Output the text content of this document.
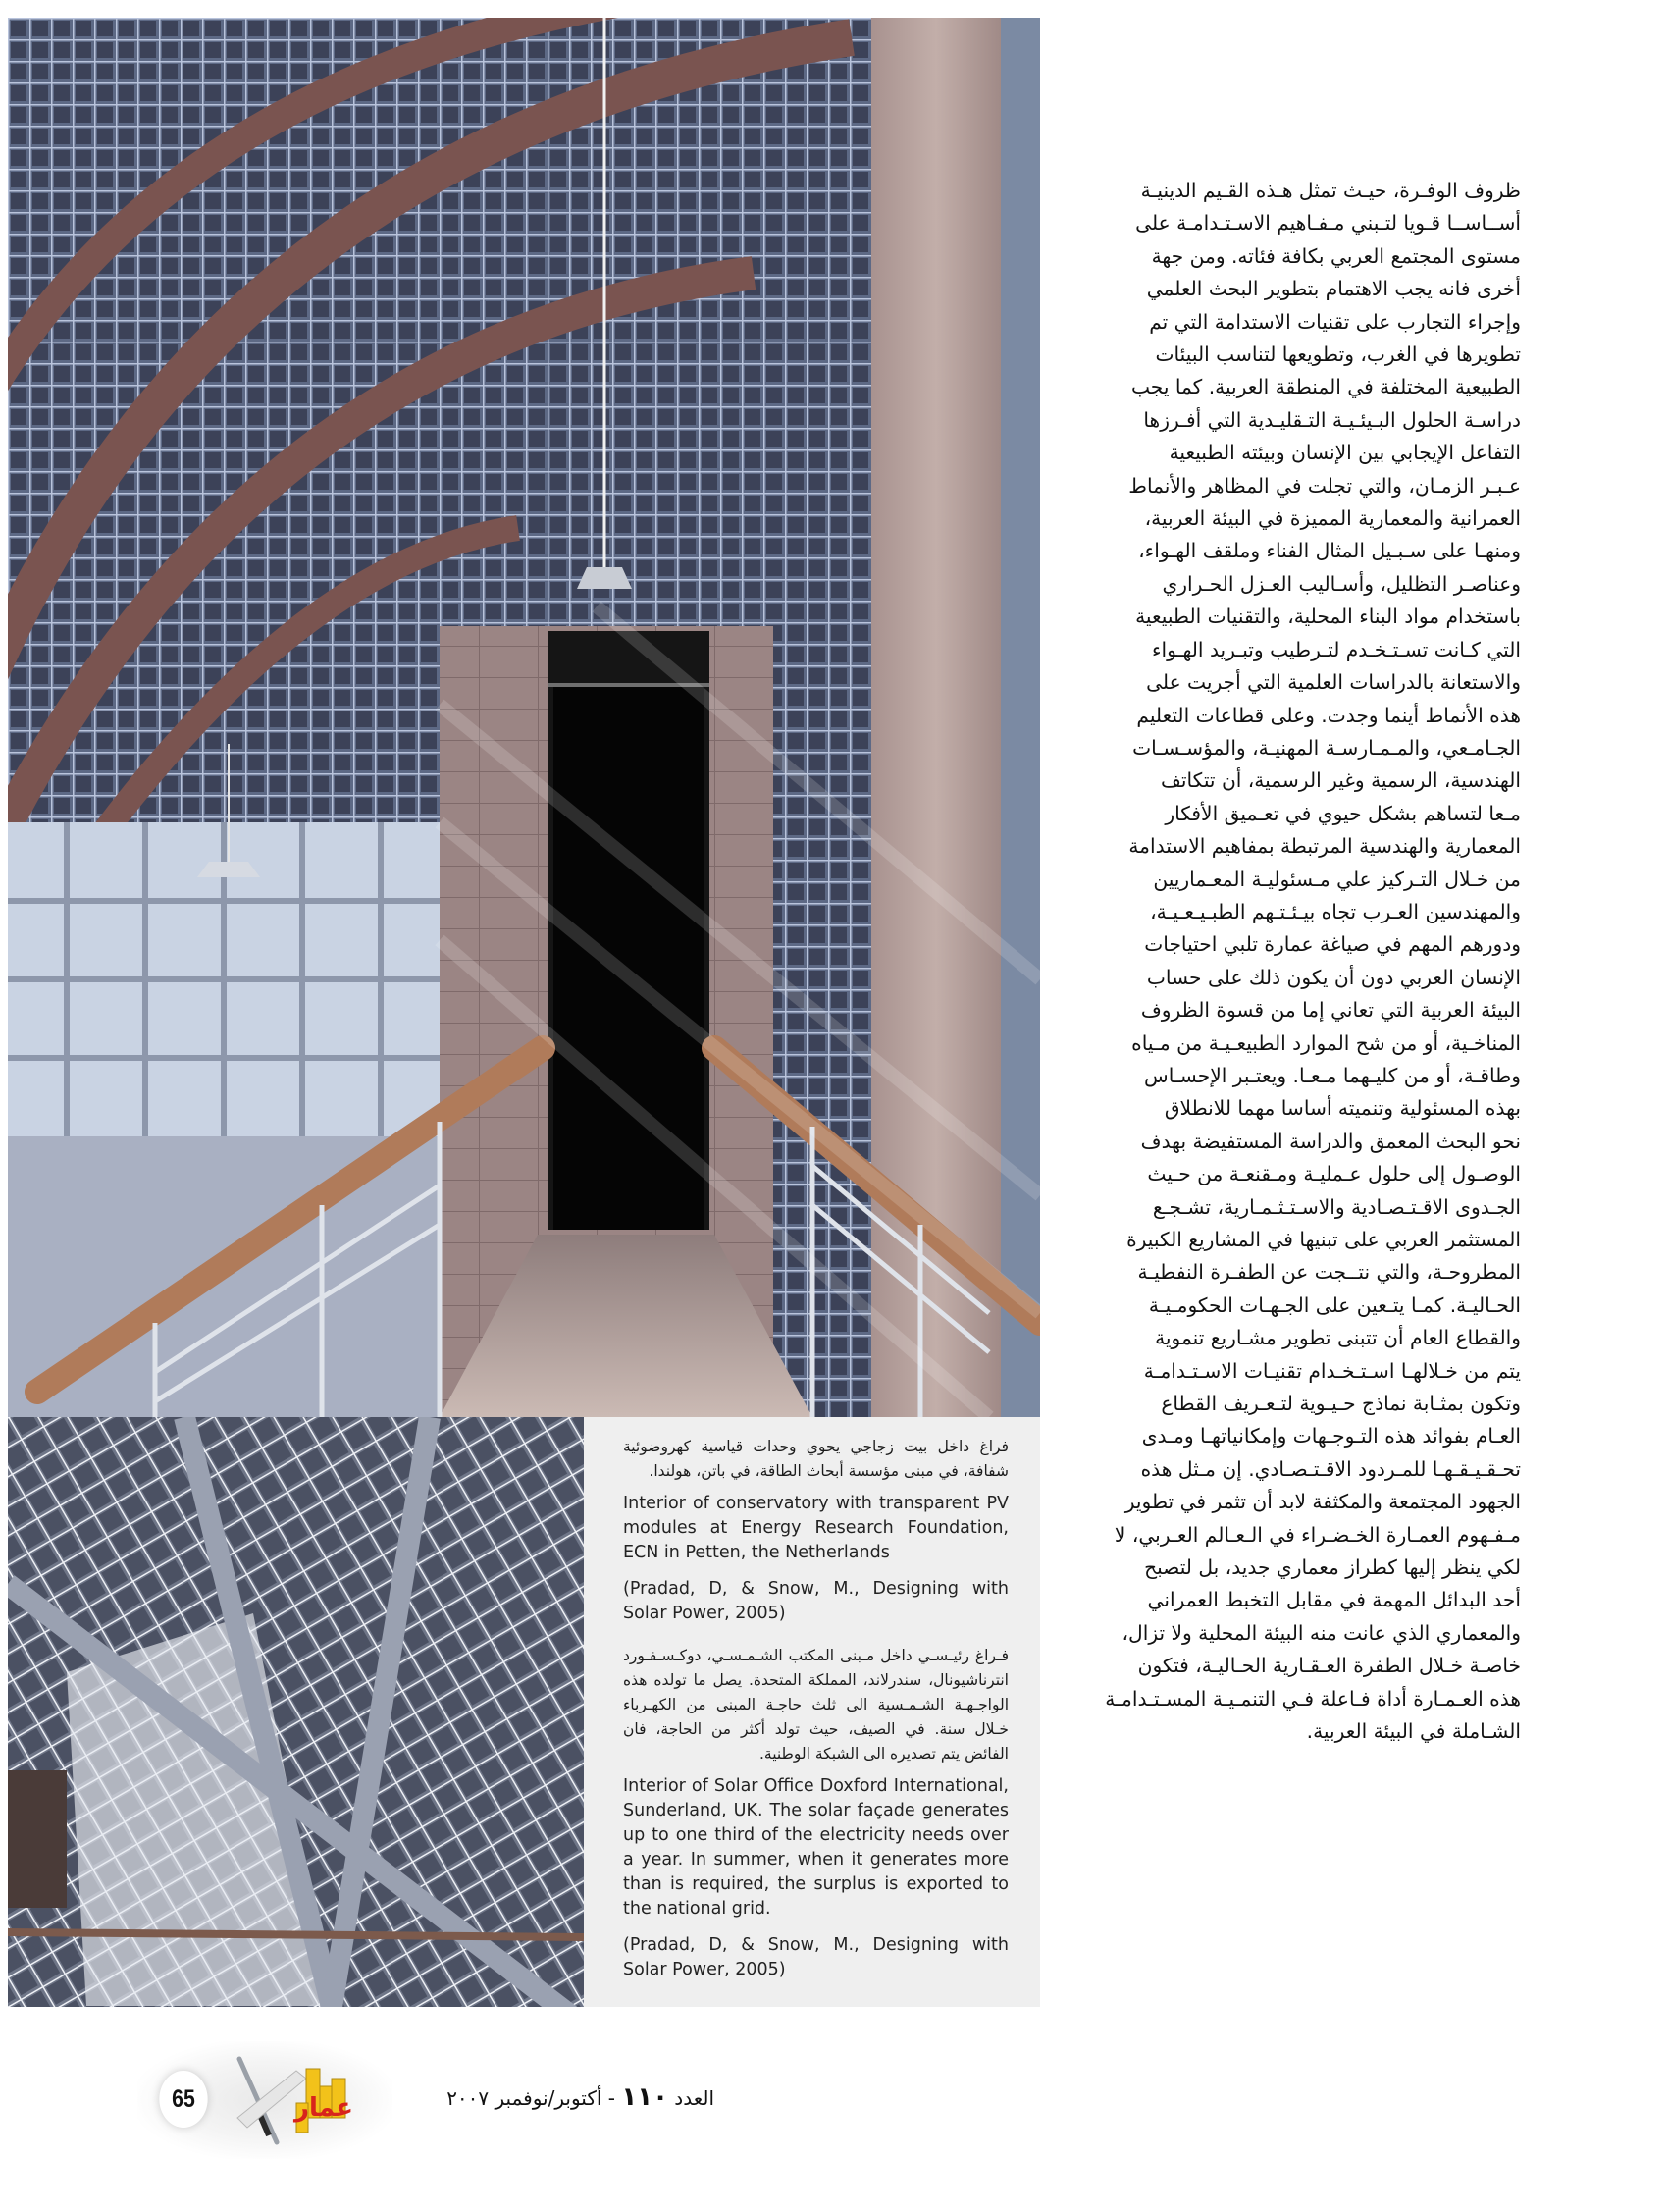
فراغ داخل بيت زجاجي يحوي وحدات قياسية كهروضوئية شفافة، في مبنى مؤسسة أبحاث الطاقة، في باتن، هولندا.

Interior of conservatory with transparent PV modules at Energy Research Foundation, ECN in Petten, the Netherlands

(Pradad, D, & Snow, M., Designing with Solar Power, 2005)

فـراغ رئيـسـي داخل مـبنى المكتب الشـمـسـي، دوكـسـفـورد انترناشيونال، سندرلاند، المملكة المتحدة. يصل ما تولده هذه الواجـهـة الشـمـسية الى ثلث حاجـة المبنى من الكهـرباء خـلال سنة. في الصيف، حيث تولد أكثر من الحاجة، فان الفائض يتم تصديره الى الشبكة الوطنية.

Interior of Solar Office Doxford International, Sunderland, UK. The solar façade generates up to one third of the electricity needs over a year. In summer, when it generates more than is required, the surplus is exported to the national grid.

(Pradad, D, & Snow, M., Designing with Solar Power, 2005)

ظروف الوفـرة، حيـث تمثل هـذه القـيم الدينيـة

أســاســا قـويا لتـبني مـفـاهيم الاسـتـدامـة على

مستوى المجتمع العربي بكافة فئاته. ومن جهة

أخرى فانه يجب الاهتمام بتطوير البحث العلمي

وإجراء التجارب على تقنيات الاستدامة التي تم

تطويرها في الغرب، وتطويعها لتناسب البيئات

الطبيعية المختلفة في المنطقة العربية. كما يجب

دراسـة الحلول البـيئـيـة التـقليـدية التي أفـرزها

التفاعل الإيجابي بين الإنسان وبيئته الطبيعية

عـبـر الزمـان، والتي تجلت في المظاهر والأنماط

العمرانية والمعمارية المميزة في البيئة العربية،

ومنهـا على سـبـيل المثال الفناء وملقف الهـواء،

وعناصـر التظليل، وأسـاليب العـزل الحـراري

باستخدام مواد البناء المحلية، والتقنيات الطبيعية

التي كـانت تسـتـخـدم لتـرطيب وتبـريد الهـواء

والاستعانة بالدراسات العلمية التي أجريت على

هذه الأنماط أينما وجدت. وعلى قطاعات التعليم

الجـامـعي، والمـمـارسـة المهنيـة، والمؤسـسـات

الهندسية، الرسمية وغير الرسمية، أن تتكاتف

مـعا لتساهم بشكل حيوي في تعـميق الأفكار

المعمارية والهندسية المرتبطة بمفاهيم الاستدامة

من خـلال التـركيز علي مـسئوليـة المعـماريين

والمهندسين العـرب تجاه بيـئـتـهم الطبـيـعـيـة،

ودورهم المهم في صياغة عمارة تلبي احتياجات

الإنسان العربي دون أن يكون ذلك على حساب

البيئة العربية التي تعاني إما من قسوة الظروف

المناخـية، أو من شح الموارد الطبيعـيـة من مـياه

وطاقـة، أو من كليـهما مـعـا. ويعتـبر الإحسـاس

بهذه المسئولية وتنميته أساسا مهما للانطلاق

نحو البحث المعمق والدراسة المستفيضة بهدف

الوصـول إلى حلول عـمليـة ومـقنعـة من حـيث

الجـدوى الاقـتـصـادية والاسـتـثـمـارية، تشـجـع

المستثمر العربي على تبنيها في المشاريع الكبيرة

المطروحـة، والتي نتــجت عن الطفـرة النفطيـة

الحـاليـة. كمـا يتـعين على الجـهـات الحكومـيـة

والقطاع العام أن تتبنى تطوير مشـاريع تنموية

يتم من خـلالهـا اسـتـخـدام تقنيـات الاسـتـدامـة

وتكون بمثـابة نماذج حـيـوية لتـعـريف القطاع

العـام بفوائد هذه التـوجـهات وإمكانياتهـا ومـدى

تحـقـيـقـهـا للمـردود الاقـتـصـادي. إن مـثل هذه

الجهود المجتمعة والمكثفة لابد أن تثمر في تطوير

مـفـهوم العمـارة الخـضـراء في الـعـالم العـربي، لا

لكي ينظر إليها كطراز معماري جديد، بل لتصبح

أحد البدائل المهمة في مقابل التخبط العمراني

والمعماري الذي عانت منه البيئة المحلية ولا تزال،

خاصـة خـلال الطفرة العـقـارية الحـاليـة، فتكون

هذه العـمـارة أداة فـاعلة فـي التنمـيـة المسـتـدامـة

الشـاملة في البيئة العربية.

65	عمار	العدد ١١٠ - أكتوبر/نوفمبر ٢٠٠٧
